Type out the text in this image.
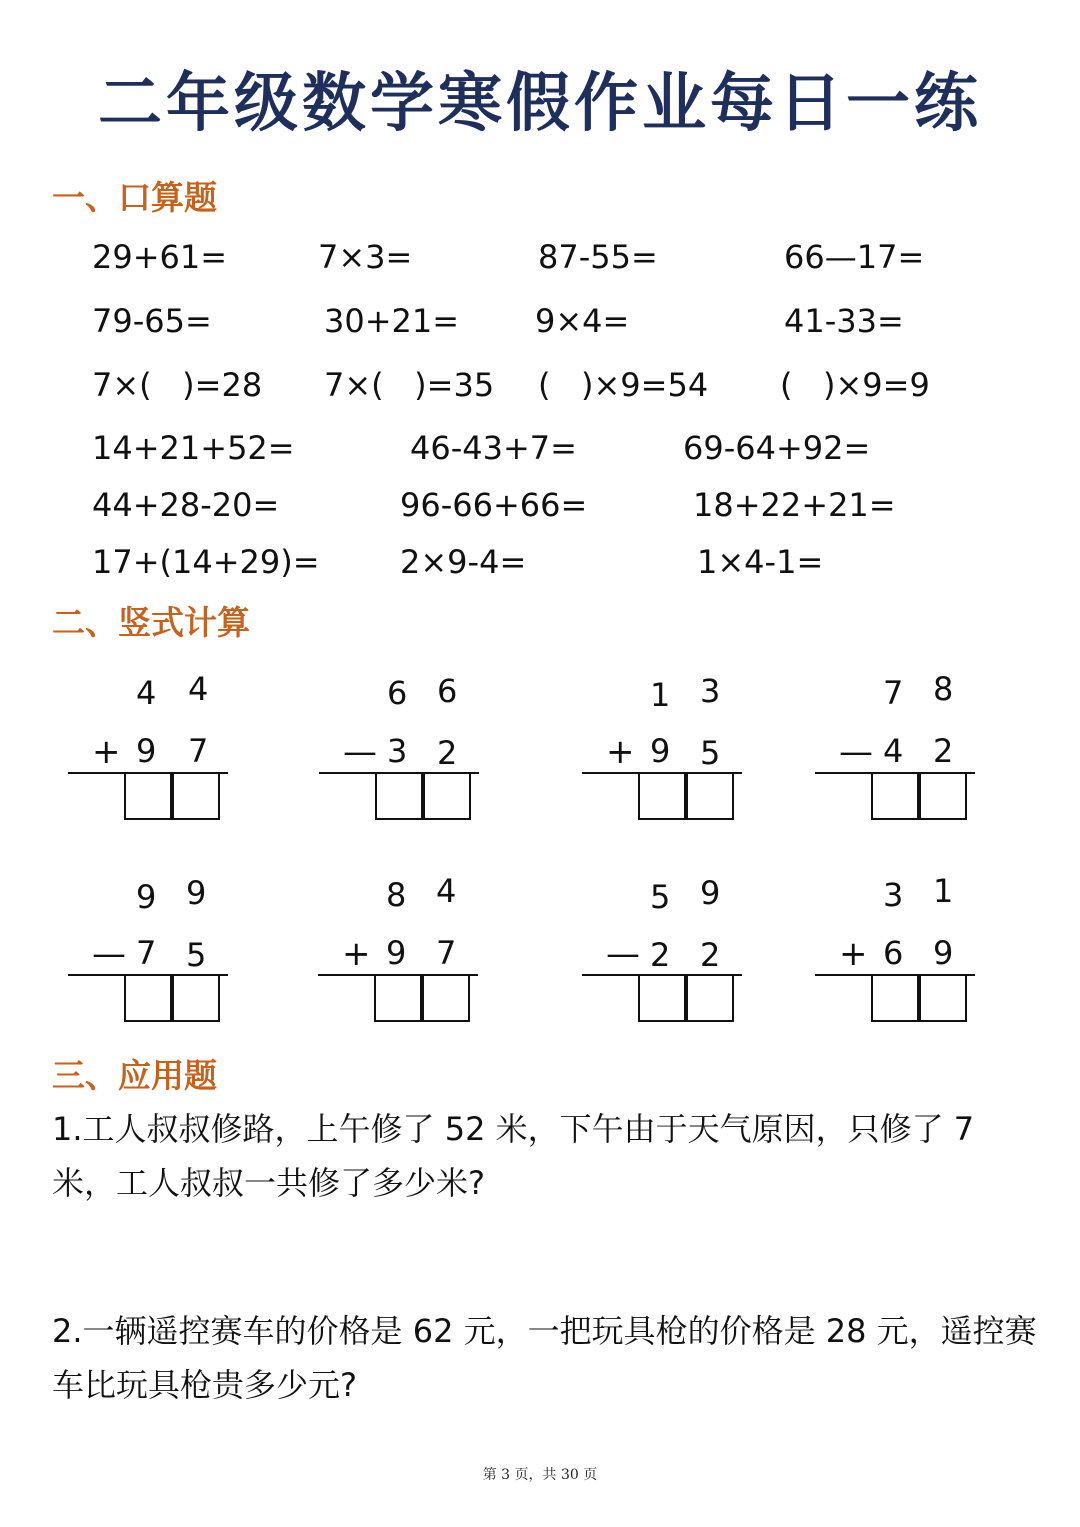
二年级数学寒假作业每日一练
一、口算题
29+61=	7×3=	87-55=	66—17=
79-65=	30+21= 9×4=	41-33=
7×(   )=28 7×(   )=35 (   )×9=54 (   )×9=9
14+21+52=	46-43+7=	69-64+92=
44+28-20=	96-66+66=	18+22+21=
17+(14+29)=	2×9-4=	1×4-1=
二、竖式计算
4 4
+ 9 7
6 6
— 3 2
1 3
+ 9 5
7 8
— 4 2
9 9
— 7 5
8 4
+ 9 7
5 9
— 2 2
3 1
+ 6 9
三、应用题
1.工人叔叔修路，上午修了 52 米，下午由于天气原因，只修了 7 米，工人叔叔一共修了多少米?
2.一辆遥控赛车的价格是 62 元，一把玩具枪的价格是 28 元，遥控赛车比玩具枪贵多少元?
第 3 页，共 30 页
